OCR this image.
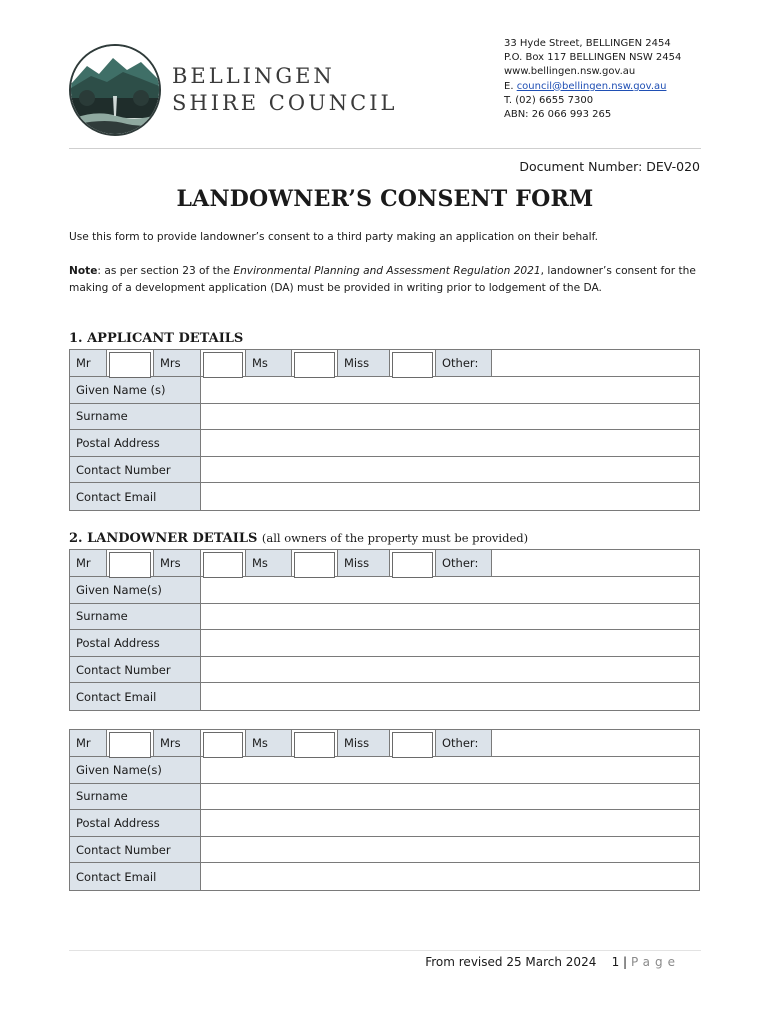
BELLINGEN
SHIRE COUNCIL
33 Hyde Street, BELLINGEN 2454
P.O. Box 117 BELLINGEN NSW 2454
www.bellingen.nsw.gov.au
E. council@bellingen.nsw.gov.au
T. (02) 6655 7300
ABN: 26 066 993 265
Document Number: DEV-020
LANDOWNER’S CONSENT FORM
Use this form to provide landowner’s consent to a third party making an application on their behalf.
Note: as per section 23 of the Environmental Planning and Assessment Regulation 2021, landowner’s consent for the making of a development application (DA) must be provided in writing prior to lodgement of the DA.
1. APPLICANT DETAILS
Mr	Mrs	Ms	Miss	Other:
Given Name (s)
Surname
Postal Address
Contact Number
Contact Email
2. LANDOWNER DETAILS (all owners of the property must be provided)
Mr	Mrs	Ms	Miss	Other:
Given Name(s)
Surname
Postal Address
Contact Number
Contact Email
Mr	Mrs	Ms	Miss	Other:
Given Name(s)
Surname
Postal Address
Contact Number
Contact Email
From revised 25 March 2024 1 | Page
